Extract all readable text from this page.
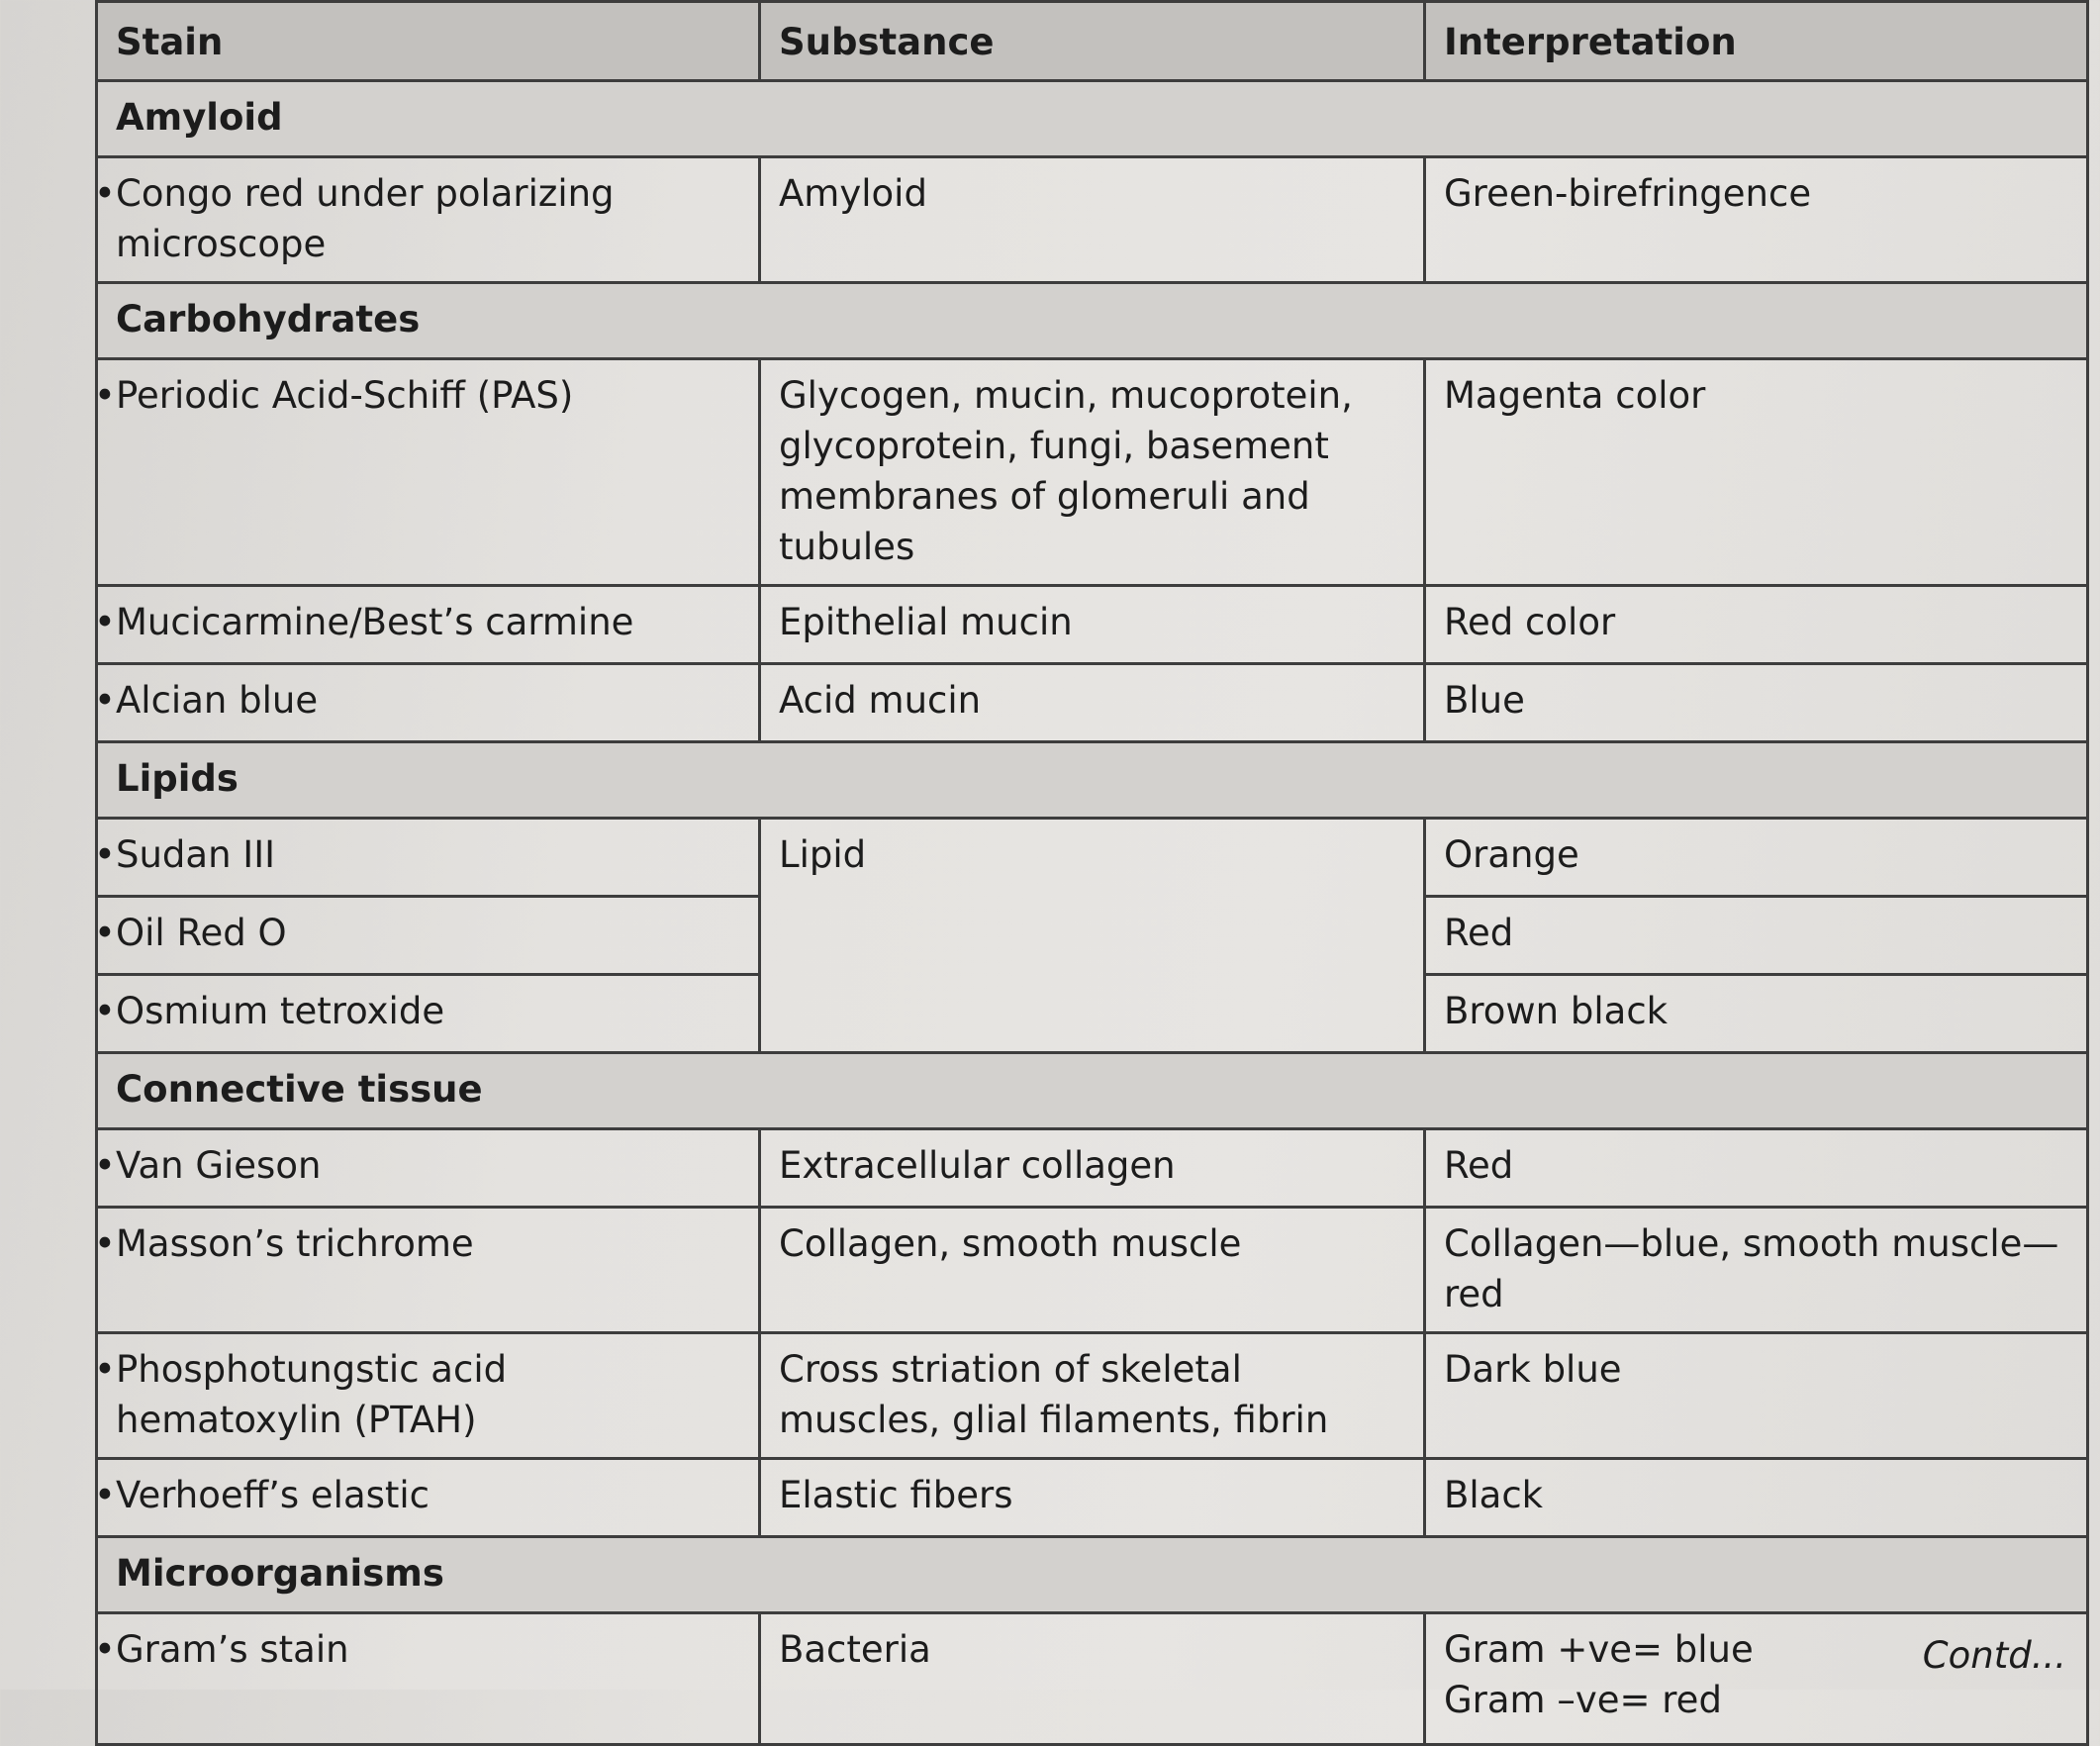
Stain	Substance	Interpretation
Amyloid		
•Congo red under polarizing microscope	Amyloid	Green-birefringence
Carbohydrates		
•Periodic Acid-Schiff (PAS)	Glycogen, mucin, mucoprotein, glycoprotein, fungi, basement membranes of glomeruli and tubules	Magenta color
•Mucicarmine/Best’s carmine	Epithelial mucin	Red color
•Alcian blue	Acid mucin	Blue
Lipids		
•Sudan III	Lipid	Orange
•Oil Red O		Red
•Osmium tetroxide		Brown black
Connective tissue		
•Van Gieson	Extracellular collagen	Red
•Masson’s trichrome	Collagen, smooth muscle	Collagen—blue, smooth muscle—red
•Phosphotungstic acid hematoxylin (PTAH)	Cross striation of skeletal muscles, glial filaments, fibrin	Dark blue
•Verhoeff’s elastic	Elastic fibers	Black
Microorganisms		
•Gram’s stain	Bacteria	Gram +ve= blue
Gram –ve= red
Contd...
